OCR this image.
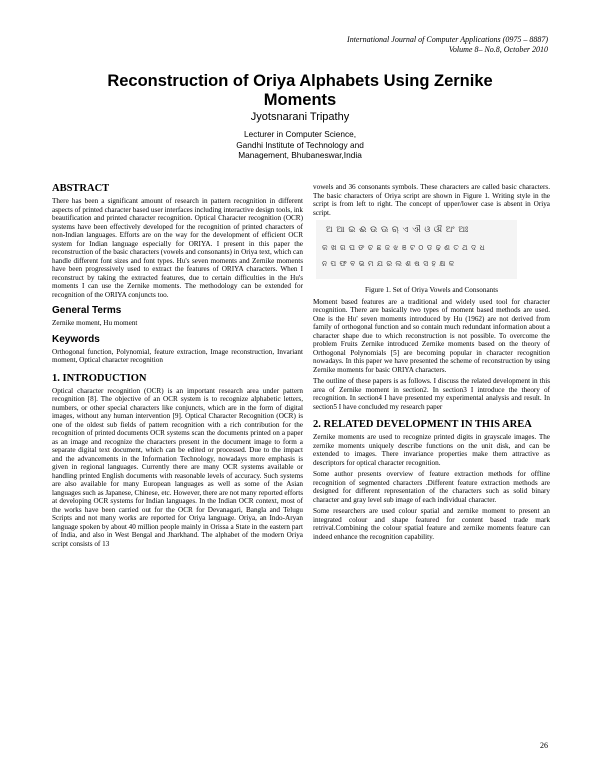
International Journal of Computer Applications (0975 – 8887)
Volume 8– No.8, October 2010
Reconstruction of Oriya Alphabets Using Zernike
Moments
Jyotsnarani Tripathy
Lecturer in Computer Science,
Gandhi Institute of Technology and
Management, Bhubaneswar,India
ABSTRACT

There has been a significant amount of research in pattern recognition in different aspects of printed character based user interfaces including interactive design tools, ink beautification and printed character recognition. Optical Character recognition (OCR) systems have been effectively developed for the recognition of printed characters of non-Indian languages. Efforts are on the way for the development of efficient OCR system for Indian language especially for ORIYA. I present in this paper the reconstruction of the basic characters (vowels and consonants) in Oriya text, which can handle different font sizes and font types. Hu's seven moments and Zernike moments have been progressively used to extract the features of ORIYA characters. When I reconstruct by taking the extracted features, due to certain difficulties in the Hu's moments I can use the Zernike moments. The methodology can be extended for recognition of the ORIYA conjuncts too.

General Terms

Zernike moment, Hu moment

Keywords

Orthogonal function, Polynomial, feature extraction, Image reconstruction, Invariant moment, Optical character recognition

1. INTRODUCTION

Optical character recognition (OCR) is an important research area under pattern recognition [8]. The objective of an OCR system is to recognize alphabetic letters, numbers, or other special characters like conjuncts, which are in the form of digital images, without any human intervention [9]. Optical Character Recognition (OCR) is one of the oldest sub fields of pattern recognition with a rich contribution for the recognition of printed documents OCR systems scan the documents printed on a paper as an image and recognize the characters present in the document image to form a separate digital text document, which can be edited or processed. Due to the impact and the advancements in the Information Technology, nowadays more emphasis is given in regional languages. Currently there are many OCR systems available or handling printed English documents with reasonable levels of accuracy. Such systems are also available for many European languages as well as some of the Asian languages such as Japanese, Chinese, etc. However, there are not many reported efforts at developing OCR systems for Indian languages. In the Indian OCR context, most of the works have been carried out for the OCR for Devanagari, Bangla and Telugu Scripts and not many works are reported for Oriya language. Oriya, an Indo-Aryan language spoken by about 40 million people mainly in Orissa a State in the eastern part of India, and also in West Bengal and Jharkhand. The alphabet of the modern Oriya script consists of 13

vowels and 36 consonants symbols. These characters are called basic characters. The basic characters of Oriya script are shown in Figure 1. Writing style in the script is from left to right. The concept of upper/lower case is absent in Oriya script.

ଅ ଆ ଇ ଈ ଉ ଊ ଋ ଏ ଐ ଓ ଔ ଅଂ ଅଃ
କ ଖ ଗ ଘ ଙ ଚ ଛ ଜ ଝ ଞ ଟ ଠ ଡ ଢ ଣ ତ ଥ ଦ ଧ
ନ ପ ଫ ବ ଭ ମ ଯ ର ଲ ଶ ଷ ସ ହ କ୍ଷ ଳ

Figure 1. Set of Oriya Vowels and Consonants

Moment based features are a traditional and widely used tool for character recognition. There are basically two types of moment based methods are used. One is the Hu' seven moments introduced by Hu (1962) are not derived from family of orthogonal function and so contain much redundant information about a character shape due to which reconstruction is not possible. To overcome the problem Fruits Zernike introduced Zernike moments based on the theory of Orthogonal Polynomials [5] are becoming popular in character recognition nowadays. In this paper we have presented the scheme of reconstruction by using Zernike moments for basic ORIYA characters.

The outline of these papers is as follows. I discuss the related development in this area of Zernike moment in section2. In section3 I introduce the theory of recognition. In section4 I have presented my experimental analysis and result. In section5 I have concluded my research paper

2. RELATED DEVELOPMENT IN THIS AREA

Zernike moments are used to recognize printed digits in grayscale images. The zernike moments uniquely describe functions on the unit disk, and can be extended to images. There invariance properties make them attractive as descriptors for optical character recognition.

Some author presents overview of feature extraction methods for offline recognition of segmented characters .Different feature extraction methods are designed for different representation of the characters such as solid binary character and gray level sub image of each individual character.

Some researchers are used colour spatial and zernike moment to present an integrated colour and shape featured for content based trade mark retrival.Combining the colour spatial feature and zernike moments feature can indeed enhance the recognition capability.

26
